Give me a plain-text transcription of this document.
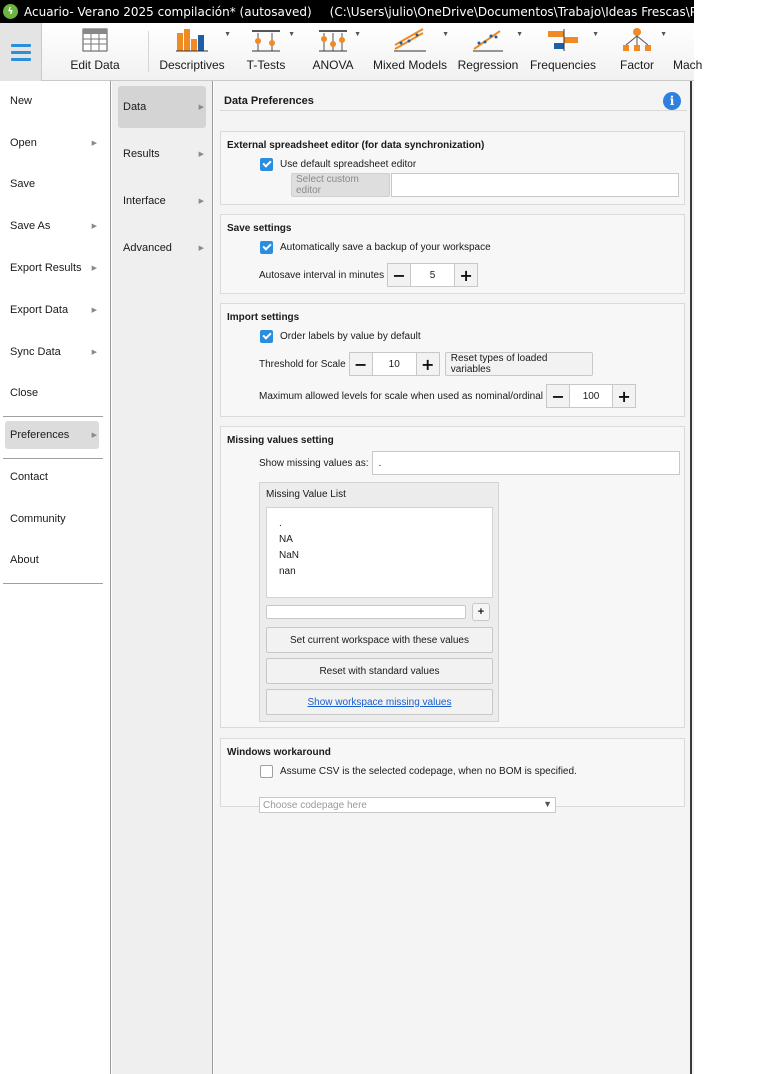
ϟ Acuario- Verano 2025 compilación* (autosaved) (C:\Users\julio\OneDrive\Documentos\Trabajo\Ideas Frescas\Proyectos\Gran
Edit Data
▼
Descriptives
▼
T-Tests
▼
ANOVA
▼
Mixed Models
▼
Regression
▼
Frequencies
▼
Factor Mach
New
Open	▶
Save
Save As	▶
Export Results ▶
Export Data	▶
Sync Data	▶
Close
Preferences	▶
Contact
Community
About
Data	▶
Results	▶
Interface	▶
Advanced	▶
Data Preferences	i
External spreadsheet editor (for data synchronization)
Use default spreadsheet editor
Select custom editor
Save settings
Automatically save a backup of your workspace
Autosave interval in minutes −	5	+
Import settings
Order labels by value by default
Threshold for Scale −	10	+	Reset types of loaded variables
Maximum allowed levels for scale when used as nominal/ordinal −	100	+
Missing values setting
Show missing values as:	.
Missing Value List
.
NA
NaN
nan
+
Set current workspace with these values
Reset with standard values
Show workspace missing values
Windows workaround
Assume CSV is the selected codepage, when no BOM is specified.
Choose codepage here	▼
